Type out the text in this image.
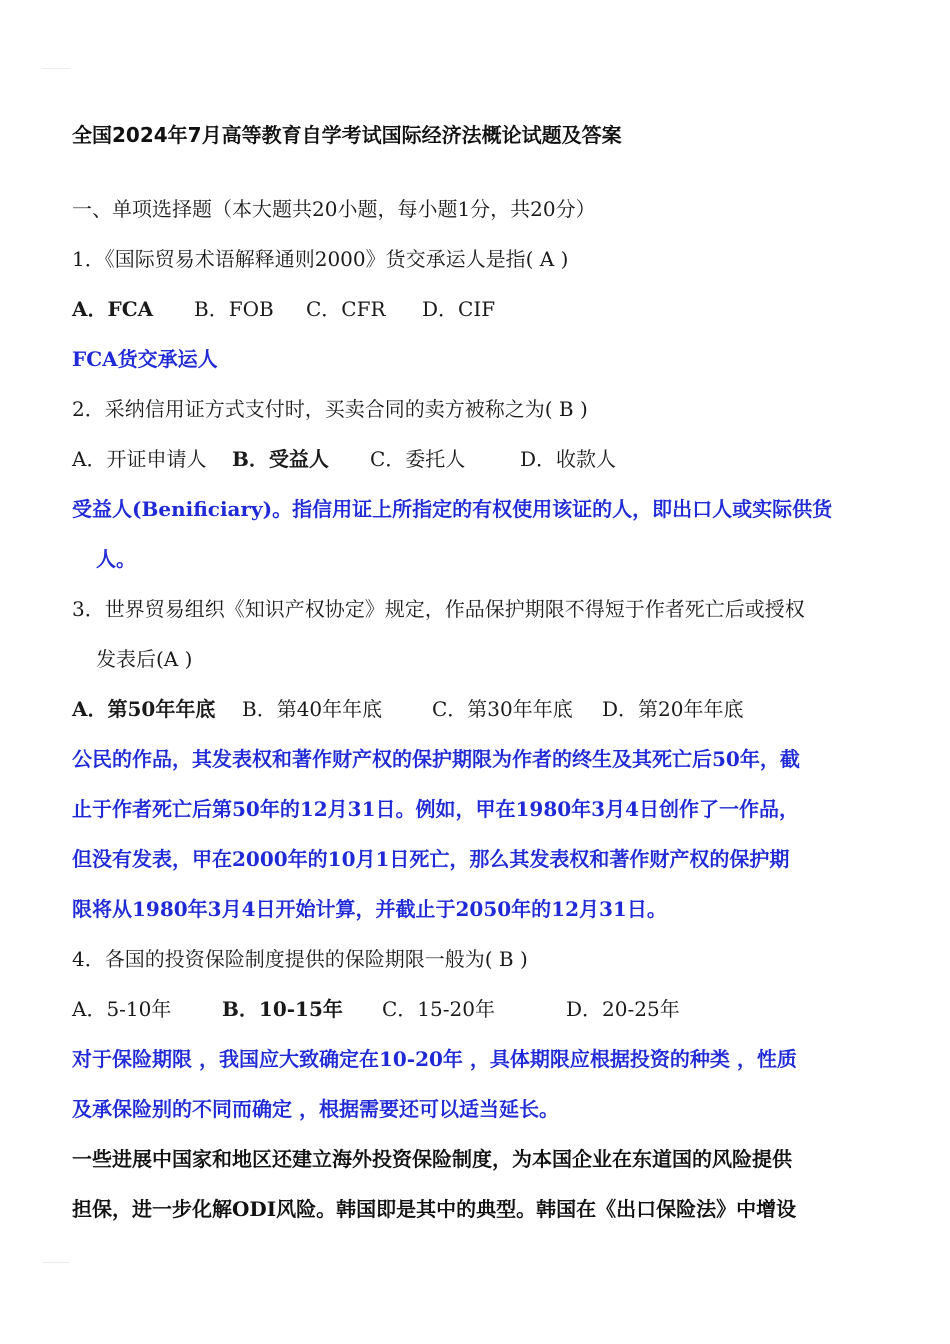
全国2024年7月高等教育自学考试国际经济法概论试题及答案
一、单项选择题（本大题共20小题，每小题1分，共20分）
1．《国际贸易术语解释通则2000》货交承运人是指( A )
A．FCA B．FOB C．CFR D．CIF
FCA货交承运人
2．采纳信用证方式支付时，买卖合同的卖方被称之为( B )
A．开证申请人 B．受益人 C．委托人	D．收款人
受益人(Benificiary)。指信用证上所指定的有权使用该证的人，即出口人或实际供货
人。
3．世界贸易组织《知识产权协定》规定，作品保护期限不得短于作者死亡后或授权
发表后(A )
A．第50年年底 B．第40年年底 C．第30年年底 D．第20年年底
公民的作品，其发表权和著作财产权的保护期限为作者的终生及其死亡后50年，截
止于作者死亡后第50年的12月31日。例如，甲在1980年3月4日创作了一作品，
但没有发表，甲在2000年的10月1日死亡，那么其发表权和著作财产权的保护期
限将从1980年3月4日开始计算，并截止于2050年的12月31日。
4．各国的投资保险制度提供的保险期限一般为( B )
A．5-10年	B．10-15年 C．15-20年	D．20-25年
对于保险期限 ，我国应大致确定在10-20年 ，具体期限应根据投资的种类 ，性质
及承保险别的不同而确定 ，根据需要还可以适当延长。
一些进展中国家和地区还建立海外投资保险制度，为本国企业在东道国的风险提供
担保，进一步化解ODI风险。韩国即是其中的典型。韩国在《出口保险法》中增设
